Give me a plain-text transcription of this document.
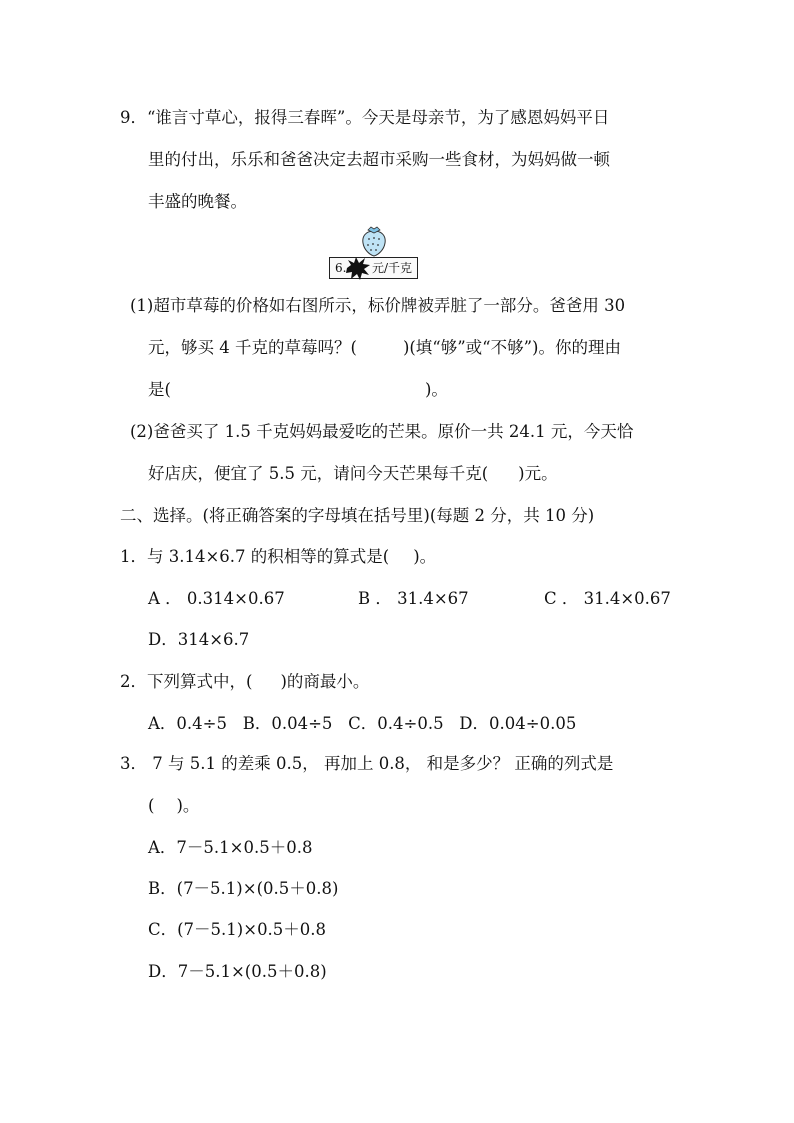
9．“谁言寸草心，报得三春晖”。今天是母亲节，为了感恩妈妈平日
里的付出，乐乐和爸爸决定去超市采购一些食材，为妈妈做一顿
丰盛的晚餐。
6. 元/千克
(1)超市草莓的价格如右图所示，标价牌被弄脏了一部分。爸爸用 30
元，够买 4 千克的草莓吗？(	)(填“够”或“不够”)。你的理由
是(	)。
(2)爸爸买了 1.5 千克妈妈最爱吃的芒果。原价一共 24.1 元，今天恰
好店庆，便宜了 5.5 元，请问今天芒果每千克( )元。
二、选择。(将正确答案的字母填在括号里)(每题 2 分，共 10 分)
1．与 3.14×6.7 的积相等的算式是( )。
A ． 0.314×0.67	B ． 31.4×67	C ． 31.4×0.67
D．314×6.7
2．下列算式中，( )的商最小。
A．0.4÷5   B．0.04÷5   C．0.4÷0.5   D．0.04÷0.05
3． 7 与 5.1 的差乘 0.5， 再加上 0.8， 和是多少？ 正确的列式是
( )。
A．7－5.1×0.5＋0.8
B．(7－5.1)×(0.5＋0.8)
C．(7－5.1)×0.5＋0.8
D．7－5.1×(0.5＋0.8)
